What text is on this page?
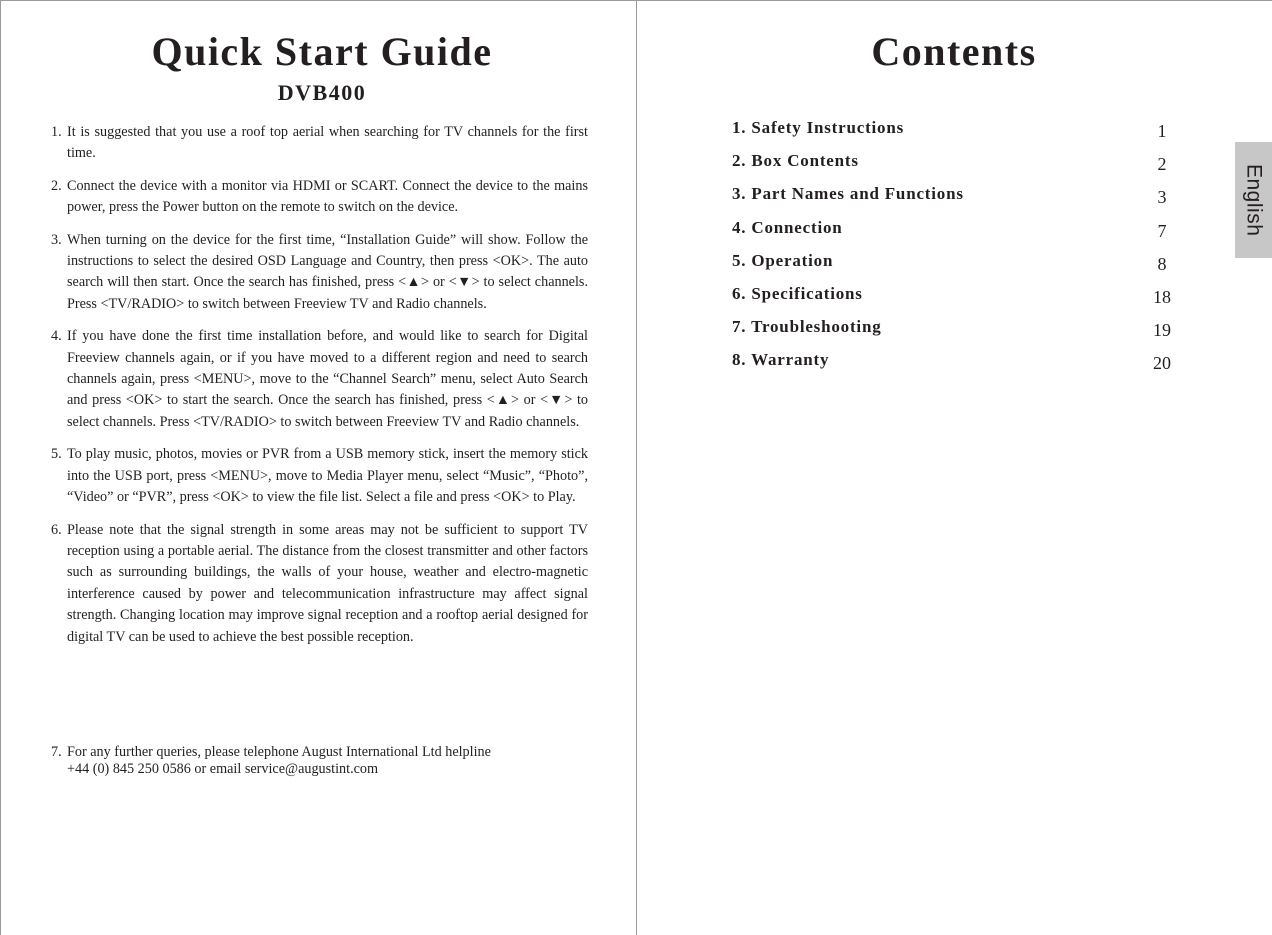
Quick Start Guide
DVB400
1. It is suggested that you use a roof top aerial when searching for TV channels for the first time.
2. Connect the device with a monitor via HDMI or SCART. Connect the device to the mains power, press the Power button on the remote to switch on the device.
3. When turning on the device for the first time, “Installation Guide” will show. Follow the instructions to select the desired OSD Language and Country, then press <OK>. The auto search will then start. Once the search has finished, press <▲> or <▼> to select channels. Press <TV/RADIO> to switch between Freeview TV and Radio channels.
4. If you have done the first time installation before, and would like to search for Digital Freeview channels again, or if you have moved to a different region and need to search channels again, press <MENU>, move to the “Channel Search” menu, select Auto Search and press <OK> to start the search. Once the search has finished, press <▲> or <▼> to select channels. Press <TV/RADIO> to switch between Freeview TV and Radio channels.
5. To play music, photos, movies or PVR from a USB memory stick, insert the memory stick into the USB port, press <MENU>, move to Media Player menu, select “Music”, “Photo”, “Video” or “PVR”, press <OK> to view the file list. Select a file and press <OK> to Play.
6. Please note that the signal strength in some areas may not be sufficient to support TV reception using a portable aerial. The distance from the closest transmitter and other factors such as surrounding buildings, the walls of your house, weather and electro-magnetic interference caused by power and telecommunication infrastructure may affect signal strength. Changing location may improve signal reception and a rooftop aerial designed for digital TV can be used to achieve the best possible reception.
7. For any further queries, please telephone August International Ltd helpline
+44 (0) 845 250 0586 or email service@augustint.com
Contents
1. Safety Instructions	1
2. Box Contents	2
3. Part Names and Functions	3
4. Connection	7
5. Operation	8
6. Specifications	18
7. Troubleshooting	19
8. Warranty	20
English
